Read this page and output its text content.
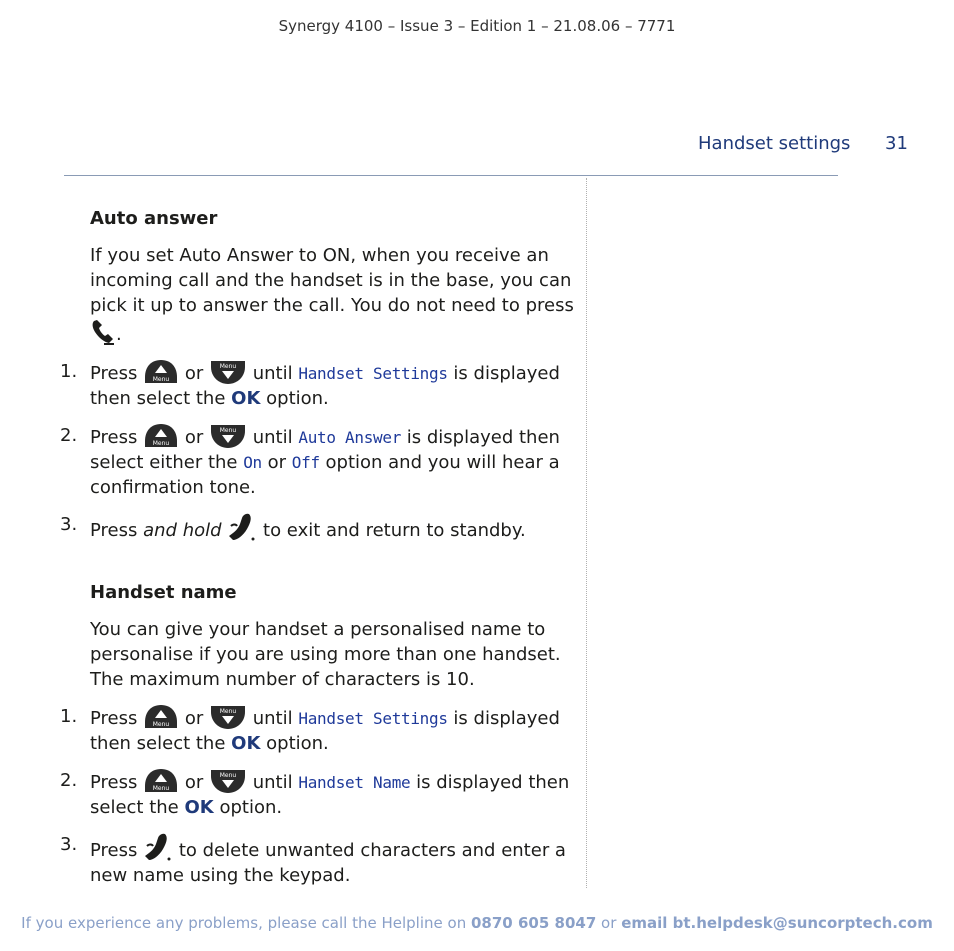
Synergy 4100 – Issue 3 – Edition 1 – 21.08.06 – 7771
Handset settings 31
Auto answer
If you set Auto Answer to ON, when you receive an incoming call and the handset is in the base, you can pick it up to answer the call. You do not need to press
.
1. Press	Menu or	Menu until Handset Settings is displayed then select the OK option.
2. Press	Menu or	Menu until Auto Answer is displayed then select either the On or Off option and you will hear a confirmation tone.
3. Press and hold to exit and return to standby.
Handset name
You can give your handset a personalised name to personalise if you are using more than one handset. The maximum number of characters is 10.
1. Press	Menu or	Menu until Handset Settings is displayed then select the OK option.
2. Press	Menu or	Menu until Handset Name is displayed then select the OK option.
3. Press to delete unwanted characters and enter a new name using the keypad.
If you experience any problems, please call the Helpline on 0870 605 8047 or email bt.helpdesk@suncorptech.com
